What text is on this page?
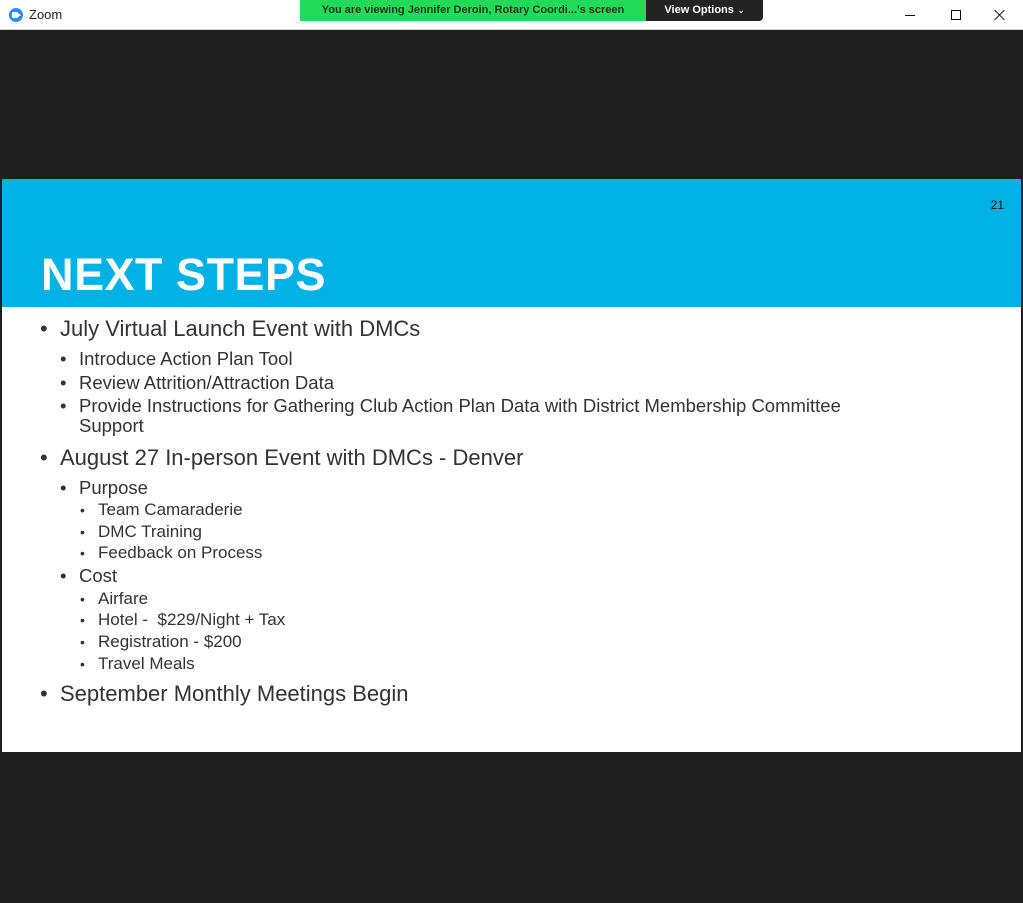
Zoom	You are viewing Jennifer Deroin, Rotary Coordi...'s screen	View Options ⌄
21
NEXT STEPS
• July Virtual Launch Event with DMCs
• Introduce Action Plan Tool
• Review Attrition/Attraction Data
• Provide Instructions for Gathering Club Action Plan Data with District Membership Committee Support
• August 27 In-person Event with DMCs - Denver
• Purpose
• Team Camaraderie
• DMC Training
• Feedback on Process
• Cost
• Airfare
• Hotel -  $229/Night + Tax
• Registration - $200
• Travel Meals
• September Monthly Meetings Begin
